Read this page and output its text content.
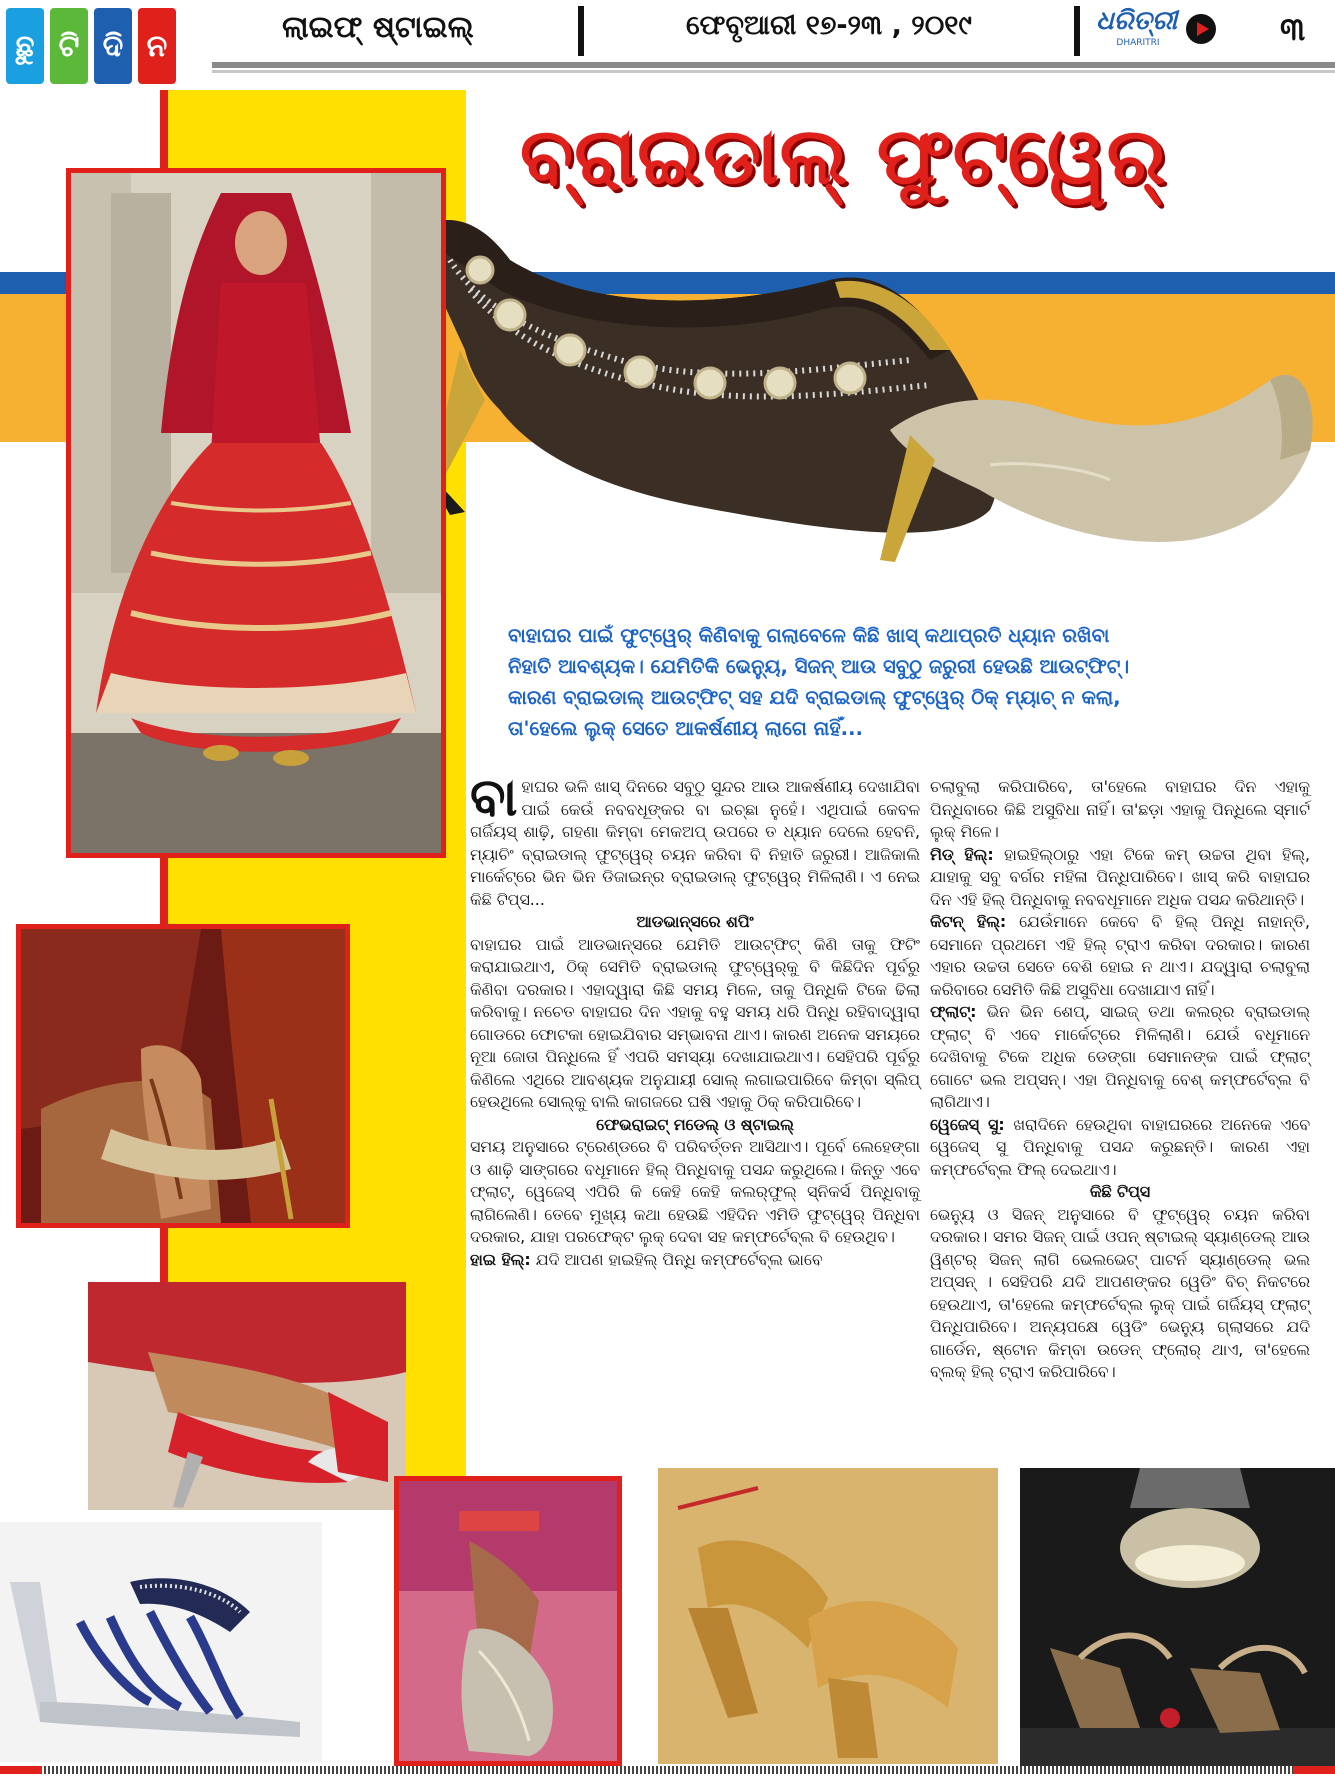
ଛୁ ଟି ଦି ନ
ଲାଇଫ୍ ଷ୍ଟାଇଲ୍	ଫେବୃଆରୀ ୧୭-୨୩ , ୨୦୧୯	ଧରିତ୍ରୀ
DHARITRI	୩
ବ୍ରାଇଡାଲ୍ ଫୁଟ୍‌ୱେର୍
ବାହାଘର ପାଇଁ ଫୁଟ୍‌ୱେର୍ କିଣିବାକୁ ଗଲାବେଳେ କିଛି ଖାସ୍ କଥାପ୍ରତି ଧ୍ୟାନ ରଖିବା ନିହାତି ଆବଶ୍ୟକ। ଯେମିତିକି ଭେନ୍ୟୁ, ସିଜନ୍ ଆଉ ସବୁଠୁ ଜରୁରୀ ହେଉଛି ଆଉଟ୍‌ଫିଟ୍। କାରଣ ବ୍ରାଇଡାଲ୍ ଆଉଟ୍‌ଫିଟ୍ ସହ ଯଦି ବ୍ରାଇଡାଲ୍ ଫୁଟ୍‌ୱେର୍ ଠିକ୍ ମ୍ୟାଚ୍ ନ କଲା, ତା'ହେଲେ ଲୁକ୍ ସେତେ ଆକର୍ଷଣୀୟ ଲାଗେ ନାହିଁ...

ବାହାଘର ଭଳି ଖାସ୍ ଦିନରେ ସବୁଠୁ ସୁନ୍ଦର ଆଉ ଆକର୍ଷଣୀୟ ଦେଖାଯିବା ପାଇଁ କେଉଁ ନବବଧୂଙ୍କର ବା ଇଚ୍ଛା ନୁହେଁ। ଏଥିପାଇଁ କେବଳ ଗର୍ଜିୟସ୍ ଶାଢ଼ି, ଗହଣା କିମ୍ବା ମେକଅପ୍ ଉପରେ ତ ଧ୍ୟାନ ଦେଲେ ହେବନି, ମ୍ୟାଚିଂ ବ୍ରାଇଡାଲ୍ ଫୁଟ୍‌ୱେର୍ ଚୟନ କରିବା ବି ନିହାତି ଜରୁରୀ। ଆଜିକାଲି ମାର୍କେଟ୍‌ରେ ଭିନ ଭିନ ଡିଜାଇନ୍‌ର ବ୍ରାଇଡାଲ୍ ଫୁଟ୍‌ୱେର୍ ମିଳିଲାଣି। ଏ ନେଇ କିଛି ଟିପ୍ସ...

ଆଡଭାନ୍ସରେ ଶପିଂ

ବାହାଘର ପାଇଁ ଆଡଭାନ୍ସରେ ଯେମିତି ଆଉଟ୍‌ଫିଟ୍ କିଣି ତାକୁ ଫିଟିଂ କରାଯାଇଥାଏ, ଠିକ୍ ସେମିତି ବ୍ରାଇଡାଲ୍ ଫୁଟ୍‌ୱେର୍‌କୁ ବି କିଛିଦିନ ପୂର୍ବରୁ କିଣିବା ଦରକାର। ଏହାଦ୍ୱାରା କିଛି ସମୟ ମିଳେ, ତାକୁ ପିନ୍ଧିକି ଟିକେ ଢିଲା କରିବାକୁ। ନଚେତ ବାହାଘର ଦିନ ଏହାକୁ ବହୁ ସମୟ ଧରି ପିନ୍ଧି ରହିବାଦ୍ୱାରା ଗୋଡରେ ଫୋଟକା ହୋଇଯିବାର ସମ୍ଭାବନା ଥାଏ। କାରଣ ଅନେକ ସମୟରେ ନୂଆ ଜୋତା ପିନ୍ଧିଲେ ହିଁ ଏପରି ସମସ୍ୟା ଦେଖାଯାଇଥାଏ। ସେହିପରି ପୂର୍ବରୁ କିଣିଲେ ଏଥିରେ ଆବଶ୍ୟକ ଅନୁଯାୟୀ ସୋଲ୍ ଲଗାଇପାରିବେ କିମ୍ବା ସ୍ଲିପ୍ ହେଉଥିଲେ ସୋଲ୍‌କୁ ବାଲି କାଗଜରେ ଘଷି ଏହାକୁ ଠିକ୍ କରିପାରିବେ।

ଫେଭରାଇଟ୍ ମଡେଲ୍ ଓ ଷ୍ଟାଇଲ୍

ସମୟ ଅନୁସାରେ ଟ୍ରେଣ୍ଡରେ ବି ପରିବର୍ତ୍ତନ ଆସିଥାଏ। ପୂର୍ବେ ଲେହେଙ୍ଗା ଓ ଶାଢ଼ି ସାଙ୍ଗରେ ବଧୂମାନେ ହିଲ୍ ପିନ୍ଧିବାକୁ ପସନ୍ଦ କରୁଥିଲେ। କିନ୍ତୁ ଏବେ ଫ୍ଲାଟ୍, ୱେଜେସ୍ ଏପିରି କି କେହି କେହି କଲର୍‌ଫୁଲ୍ ସ୍ନିକର୍ସ ପିନ୍ଧିବାକୁ ଲାଗିଲେଣି। ତେବେ ମୁଖ୍ୟ କଥା ହେଉଛି ଏହିଦିନ ଏମିତି ଫୁଟ୍‌ୱେର୍ ପିନ୍ଧିବା ଦରକାର, ଯାହା ପରଫେକ୍ଟ ଲୁକ୍ ଦେବା ସହ କମ୍ଫର୍ଟେବ୍‌ଲ ବି ହେଉଥିବ।

ହାଇ ହିଲ୍: ଯଦି ଆପଣ ହାଇହିଲ୍ ପିନ୍ଧି କମ୍ଫର୍ଟେବ୍‌ଲ ଭାବେ

ଚଲାବୁଲା କରିପାରିବେ, ତା'ହେଲେ ବାହାଘର ଦିନ ଏହାକୁ ପିନ୍ଧିବାରେ କିଛି ଅସୁବିଧା ନାହିଁ। ତା'ଛଡ଼ା ଏହାକୁ ପିନ୍ଧିଲେ ସ୍ମାର୍ଟ ଲୁକ୍ ମିଳେ।

ମିଡ୍ ହିଲ୍: ହାଇହିଲ୍‌ଠାରୁ ଏହା ଟିକେ କମ୍ ଉଚ୍ଚତା ଥିବା ହିଲ୍, ଯାହାକୁ ସବୁ ବର୍ଗର ମହିଳା ପିନ୍ଧିପାରିବେ। ଖାସ୍ କରି ବାହାଘର ଦିନ ଏହି ହିଲ୍ ପିନ୍ଧିବାକୁ ନବବଧୂମାନେ ଅଧିକ ପସନ୍ଦ କରିଥାନ୍ତି।

କିଟନ୍ ହିଲ୍: ଯେଉଁମାନେ କେବେ ବି ହିଲ୍ ପିନ୍ଧି ନାହାନ୍ତି, ସେମାନେ ପ୍ରଥମେ ଏହି ହିଲ୍ ଟ୍ରାଏ କରିବା ଦରକାର। କାରଣ ଏହାର ଉଚ୍ଚତା ସେତେ ବେଶି ହୋଇ ନ ଥାଏ। ଯଦ୍ୱାରା ଚଲାବୁଲା କରିବାରେ ସେମିତି କିଛି ଅସୁବିଧା ଦେଖାଯାଏ ନାହିଁ।

ଫ୍ଲାଟ୍: ଭିନ ଭିନ ଶେପ୍, ସାଇଜ୍ ତଥା କଲର୍‌ର ବ୍ରାଇଡାଲ୍ ଫ୍ଲାଟ୍ ବି ଏବେ ମାର୍କେଟ୍‌ରେ ମିଳିଲାଣି। ଯେଉଁ ବଧୂମାନେ ଦେଖିବାକୁ ଟିକେ ଅଧିକ ଡେଙ୍ଗା ସେମାନଙ୍କ ପାଇଁ ଫ୍ଲାଟ୍ ଗୋଟେ ଭଲ ଅପ୍ସନ୍। ଏହା ପିନ୍ଧିବାକୁ ବେଶ୍ କମ୍ଫର୍ଟେବ୍‌ଲ ବି ଲାଗିଥାଏ।

ୱେଜେସ୍ ସୁ: ଖରାଦିନେ ହେଉଥିବା ବାହାଘରରେ ଅନେକେ ଏବେ ୱେଜେସ୍ ସୁ ପିନ୍ଧିବାକୁ ପସନ୍ଦ କରୁଛନ୍ତି। କାରଣ ଏହା କମ୍ଫର୍ଟେବ୍‌ଲ ଫିଲ୍ ଦେଇଥାଏ।

କିଛି ଟିପ୍ସ

ଭେନ୍ୟୁ ଓ ସିଜନ୍ ଅନୁସାରେ ବି ଫୁଟ୍‌ୱେର୍ ଚୟନ କରିବା ଦରକାର। ସମର ସିଜନ୍ ପାଇଁ ଓପନ୍ ଷ୍ଟାଇଲ୍ ସ୍ୟାଣ୍ଡେଲ୍ ଆଉ ୱିଣ୍ଟର୍ ସିଜନ୍ ଲାଗି ଭେଲଭେଟ୍ ପାଟର୍ନ ସ୍ୟାଣ୍ଡେଲ୍ ଭଲ ଅପ୍ସନ୍ । ସେହିପରି ଯଦି ଆପଣଙ୍କର ୱେଡିଂ ବିଚ୍ ନିକଟରେ ହେଉଥାଏ, ତା'ହେଲେ କମ୍ଫର୍ଟେବ୍‌ଲ ଲୁକ୍ ପାଇଁ ଗର୍ଜିୟସ୍ ଫ୍ଲାଟ୍ ପିନ୍ଧିପାରିବେ। ଅନ୍ୟପକ୍ଷେ ୱେଡିଂ ଭେନ୍ୟୁ ଗ୍ଲାସରେ ଯଦି ଗାର୍ଡେନ, ଷ୍ଟୋନ କିମ୍ବା ଉଡେନ୍ ଫ୍ଲୋର୍ ଥାଏ, ତା'ହେଲେ ବ୍ଲକ୍ ହିଲ୍ ଟ୍ରାଏ କରିପାରିବେ।
